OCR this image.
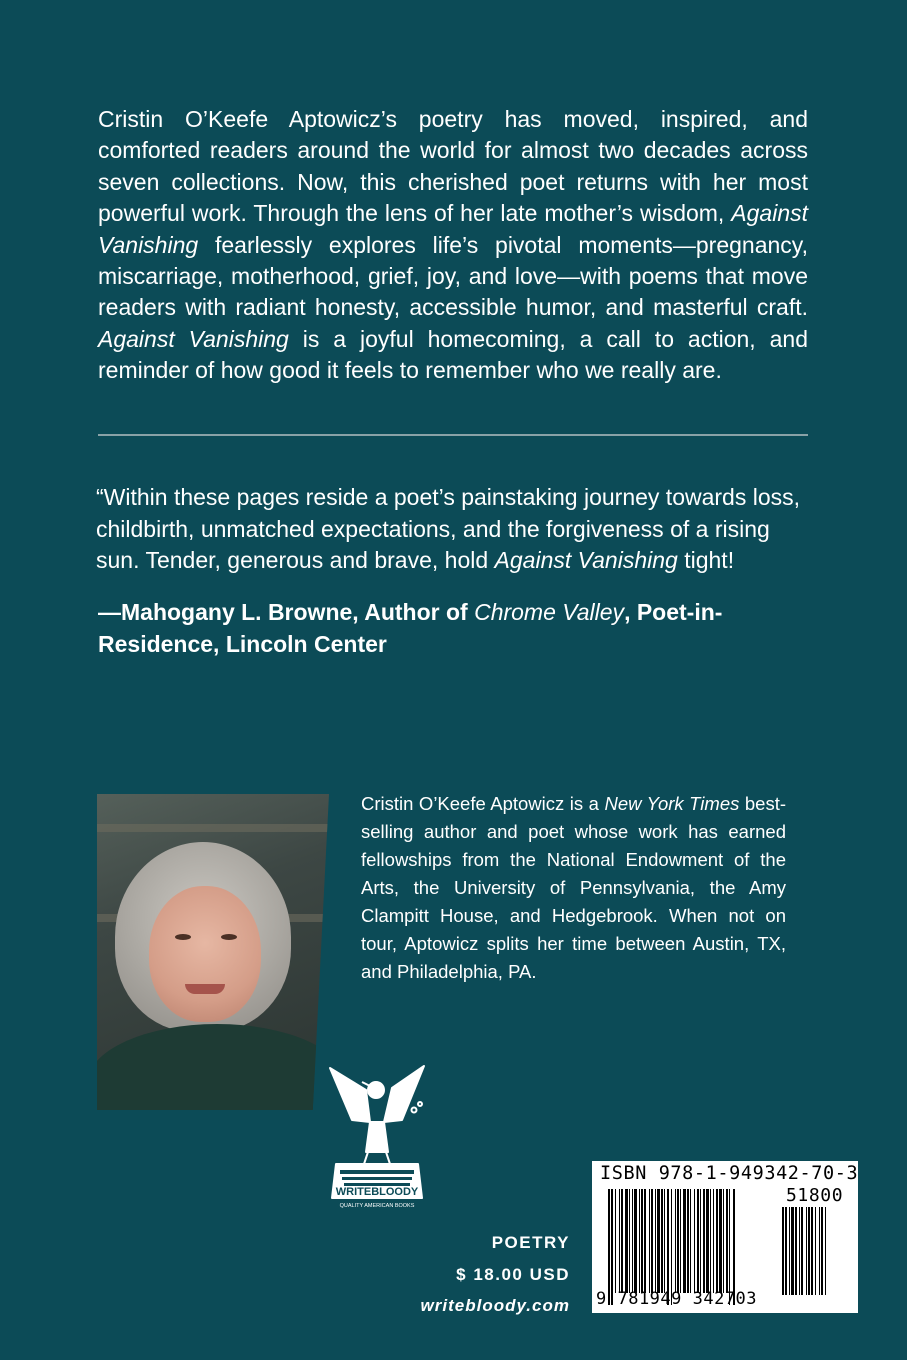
Cristin O’Keefe Aptowicz’s poetry has moved, inspired, and comforted readers around the world for almost two decades across seven collections. Now, this cherished poet returns with her most powerful work. Through the lens of her late mother’s wisdom, Against Vanishing fearlessly explores life’s pivotal moments—pregnancy, miscarriage, motherhood, grief, joy, and love—with poems that move readers with radiant honesty, accessible humor, and masterful craft. Against Vanishing is a joyful homecoming, a call to action, and reminder of how good it feels to remember who we really are.

“Within these pages reside a poet’s painstaking journey towards loss, childbirth, unmatched expectations, and the forgiveness of a rising sun. Tender, generous and brave, hold Against Vanishing tight!

—Mahogany L. Browne, Author of Chrome Valley, Poet-in-Residence, Lincoln Center

Cristin O’Keefe Aptowicz is a New York Times best-selling author and poet whose work has earned fellowships from the National Endowment of the Arts, the University of Pennsylvania, the Amy Clampitt House, and Hedgebrook. When not on tour, Aptowicz splits her time between Austin, TX, and Philadelphia, PA.

WRITEBLOODY
QUALITY AMERICAN BOOKS

POETRY

$ 18.00 USD

writebloody.com

ISBN 978-1-949342-70-3
51800
9 781949 342703
